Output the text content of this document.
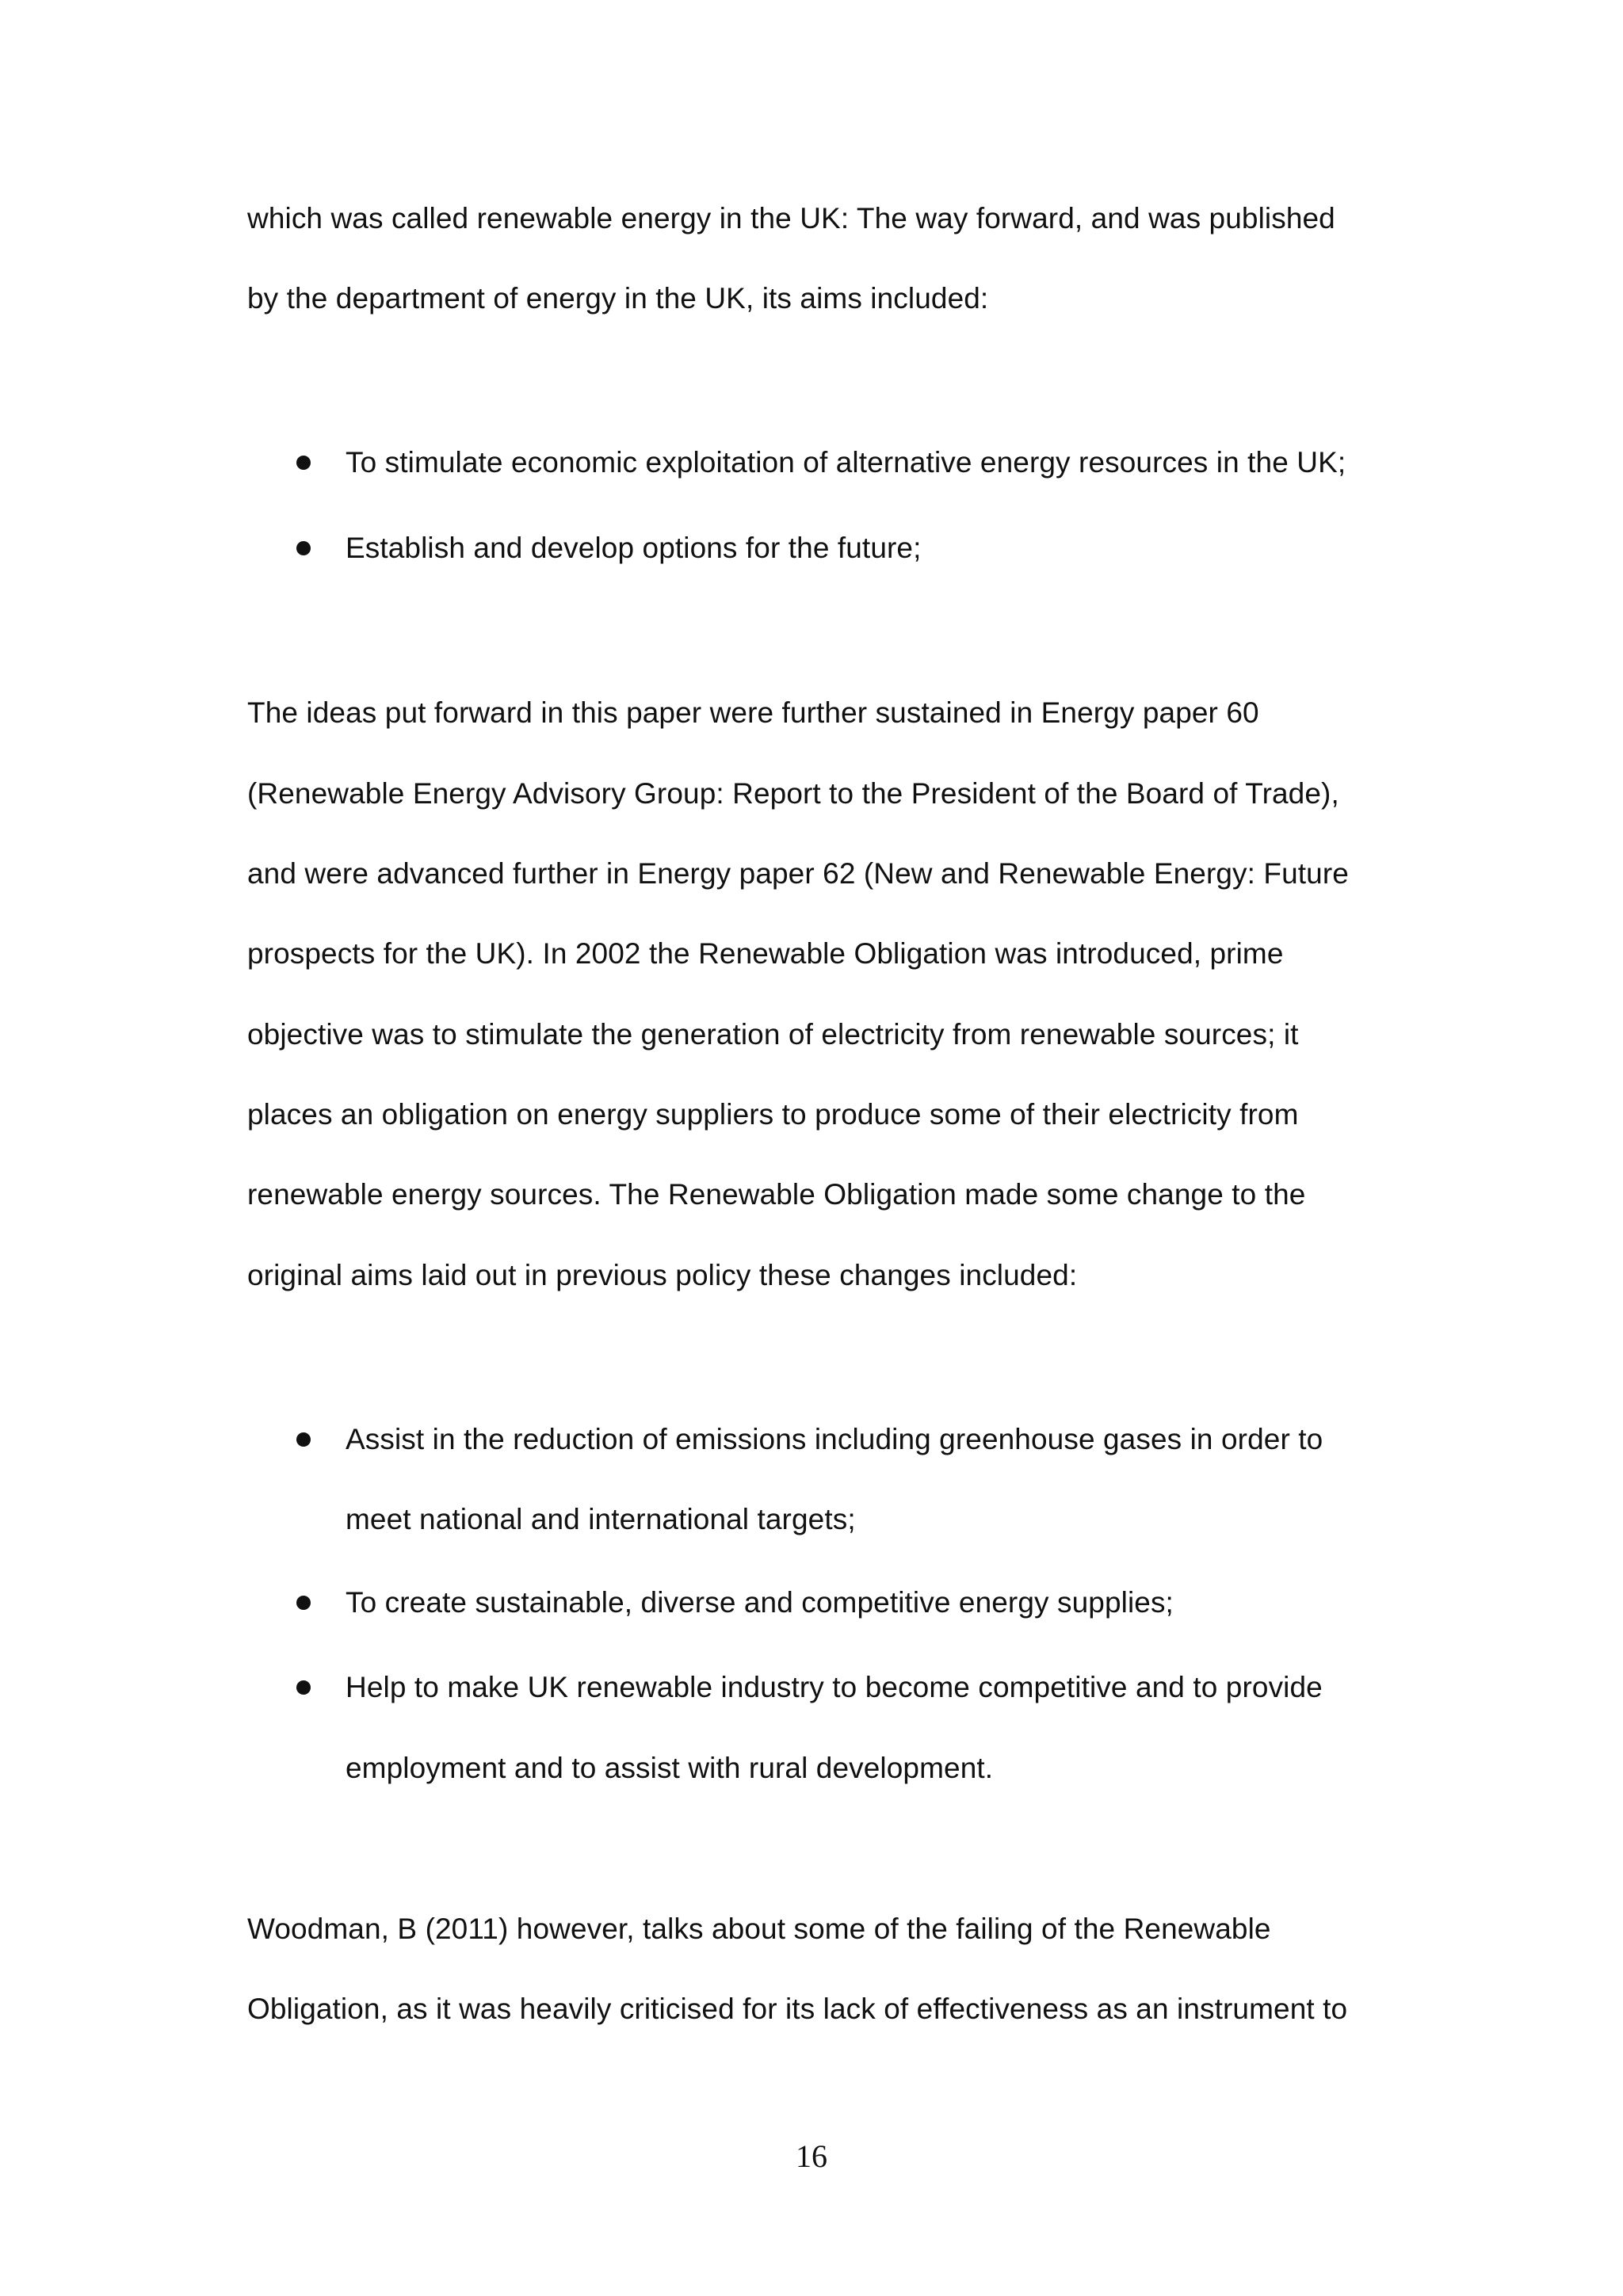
which was called renewable energy in the UK: The way forward, and was published
by the department of energy in the UK, its aims included:
To stimulate economic exploitation of alternative energy resources in the UK;
Establish and develop options for the future;
The ideas put forward in this paper were further sustained in Energy paper 60
(Renewable Energy Advisory Group: Report to the President of the Board of Trade),
and were advanced further in Energy paper 62 (New and Renewable Energy: Future
prospects for the UK). In 2002 the Renewable Obligation was introduced, prime
objective was to stimulate the generation of electricity from renewable sources; it
places an obligation on energy suppliers to produce some of their electricity from
renewable energy sources. The Renewable Obligation made some change to the
original aims laid out in previous policy these changes included:
Assist in the reduction of emissions including greenhouse gases in order to
meet national and international targets;
To create sustainable, diverse and competitive energy supplies;
Help to make UK renewable industry to become competitive and to provide
employment and to assist with rural development.
Woodman, B (2011) however, talks about some of the failing of the Renewable
Obligation, as it was heavily criticised for its lack of effectiveness as an instrument to
16
